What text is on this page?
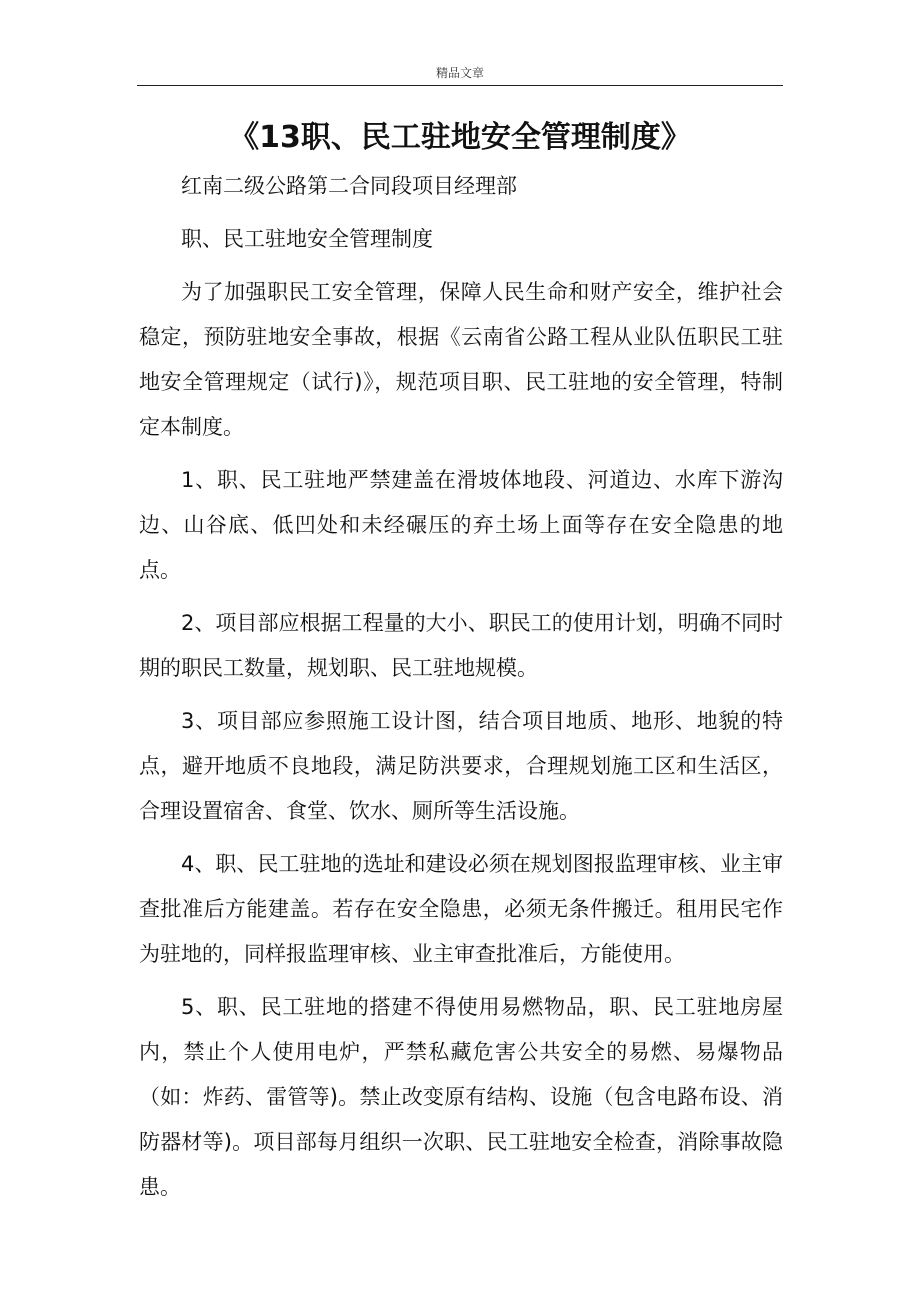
精品文章
《13职、民工驻地安全管理制度》

红南二级公路第二合同段项目经理部

职、民工驻地安全管理制度

为了加强职民工安全管理，保障人民生命和财产安全，维护社会稳定，预防驻地安全事故，根据《云南省公路工程从业队伍职民工驻地安全管理规定（试行)》，规范项目职、民工驻地的安全管理，特制定本制度。

1、职、民工驻地严禁建盖在滑坡体地段、河道边、水库下游沟边、山谷底、低凹处和未经碾压的弃土场上面等存在安全隐患的地点。

2、项目部应根据工程量的大小、职民工的使用计划，明确不同时期的职民工数量，规划职、民工驻地规模。

3、项目部应参照施工设计图，结合项目地质、地形、地貌的特点，避开地质不良地段，满足防洪要求，合理规划施工区和生活区，合理设置宿舍、食堂、饮水、厕所等生活设施。

4、职、民工驻地的选址和建设必须在规划图报监理审核、业主审查批准后方能建盖。若存在安全隐患，必须无条件搬迁。租用民宅作为驻地的，同样报监理审核、业主审查批准后，方能使用。

5、职、民工驻地的搭建不得使用易燃物品，职、民工驻地房屋内，禁止个人使用电炉，严禁私藏危害公共安全的易燃、易爆物品（如：炸药、雷管等)。禁止改变原有结构、设施（包含电路布设、消防器材等)。项目部每月组织一次职、民工驻地安全检查，消除事故隐患。
